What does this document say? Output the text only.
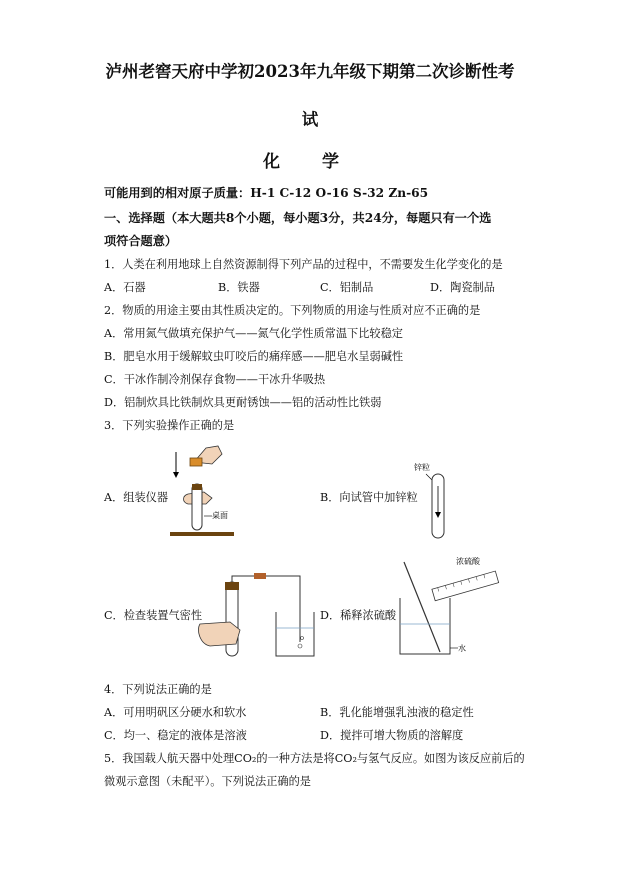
泸州老窖天府中学初2023年九年级下期第二次诊断性考
试
化 学
可能用到的相对原子质量：H-1 C-12 O-16 S-32 Zn-65
一、选择题（本大题共8个小题，每小题3分，共24分，每题只有一个选
项符合题意）
1．人类在利用地球上自然资源制得下列产品的过程中，不需要发生化学变化的是
A．石器	B．铁器	C．铝制品	D．陶瓷制品
2．物质的用途主要由其性质决定的。下列物质的用途与性质对应不正确的是
A．常用氮气做填充保护气——氮气化学性质常温下比较稳定
B．肥皂水用于缓解蚊虫叮咬后的痛痒感——肥皂水呈弱碱性
C．干冰作制冷剂保存食物——干冰升华吸热
D．铝制炊具比铁制炊具更耐锈蚀——铝的活动性比铁弱
3．下列实验操作正确的是
桌面
A．组装仪器
锌粒
B．向试管中加锌粒
C．检查装置气密性
浓硫酸
水
D．稀释浓硫酸
4．下列说法正确的是
A．可用明矾区分硬水和软水	B．乳化能增强乳浊液的稳定性
C．均一、稳定的液体是溶液	D．搅拌可增大物质的溶解度
5．我国载人航天器中处理CO₂的一种方法是将CO₂与氢气反应。如图为该反应前后的
微观示意图（未配平）。下列说法正确的是
